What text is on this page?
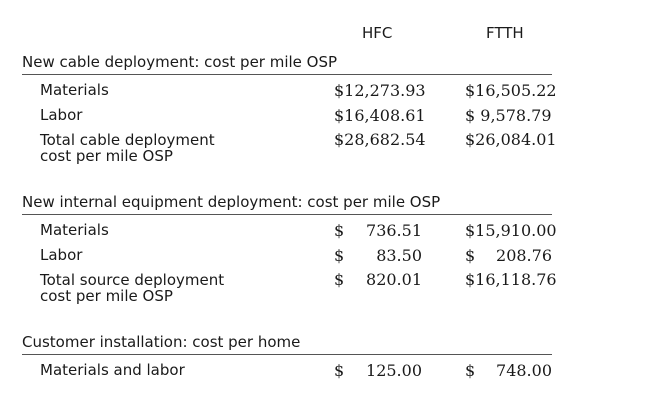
HFC	FTTH
New cable deployment: cost per mile OSP
Materials	$12,273.93 $16,505.22
Labor	$16,408.61 $ 9,578.79
Total cable deployment
cost per mile OSP
$28,682.54 $26,084.01
New internal equipment deployment: cost per mile OSP
Materials	$	736.51	$15,910.00
Labor	$	83.50	$	208.76
Total source deployment
cost per mile OSP
$	820.01	$16,118.76
Customer installation: cost per home
Materials and labor	$	125.00	$	748.00
